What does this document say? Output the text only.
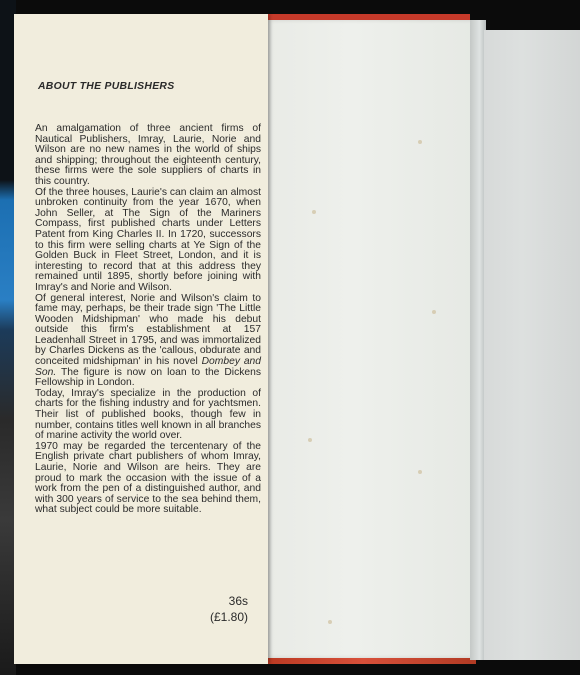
ABOUT THE PUBLISHERS
An amalgamation of three ancient firms of Nautical Publishers, Imray, Laurie, Norie and Wilson are no new names in the world of ships and shipping; throughout the eighteenth century, these firms were the sole suppliers of charts in this country.
Of the three houses, Laurie's can claim an almost unbroken continuity from the year 1670, when John Seller, at The Sign of the Mariners Compass, first published charts under Letters Patent from King Charles II. In 1720, successors to this firm were selling charts at Ye Sign of the Golden Buck in Fleet Street, London, and it is interesting to record that at this address they remained until 1895, shortly before joining with Imray's and Norie and Wilson.
Of general interest, Norie and Wilson's claim to fame may, perhaps, be their trade sign 'The Little Wooden Midshipman' who made his debut outside this firm's establishment at 157 Leadenhall Street in 1795, and was immortalized by Charles Dickens as the 'callous, obdurate and conceited midshipman' in his novel Dombey and Son. The figure is now on loan to the Dickens Fellowship in London.
Today, Imray's specialize in the production of charts for the fishing industry and for yachtsmen. Their list of published books, though few in number, contains titles well known in all branches of marine activity the world over.
1970 may be regarded the tercentenary of the English private chart publishers of whom Imray, Laurie, Norie and Wilson are heirs. They are proud to mark the occasion with the issue of a work from the pen of a distinguished author, and with 300 years of service to the sea behind them, what subject could be more suitable.
36s
(£1.80)
